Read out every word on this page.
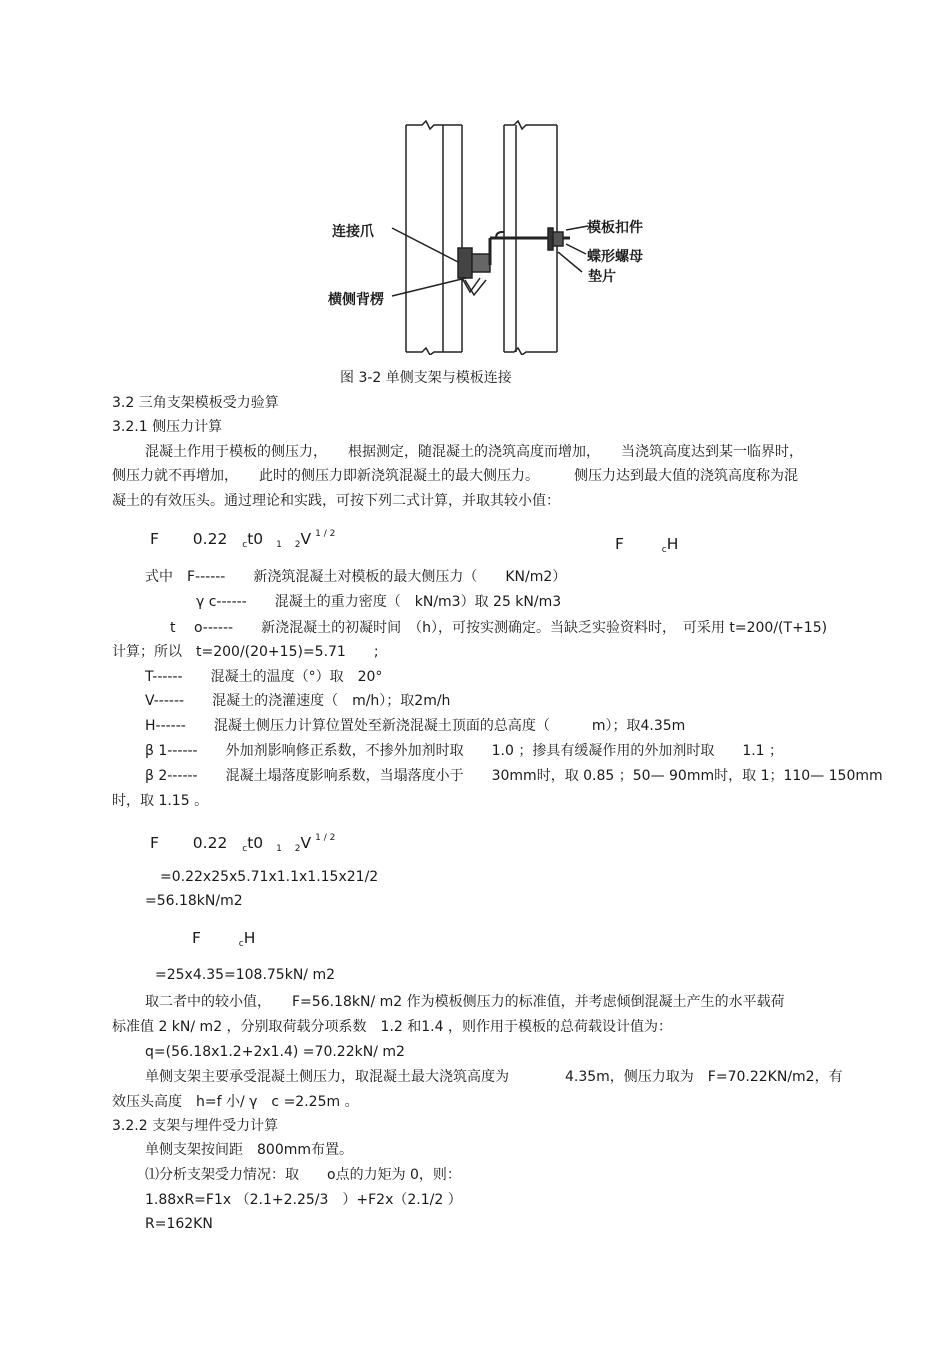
连接爪
横侧背楞
模板扣件
蝶形螺母
垫片
图 3-2 单侧支架与模板连接
3.2 三角支架模板受力验算
3.2.1 侧压力计算
混凝土作用于模板的侧压力，　　根据测定，随混凝土的浇筑高度而增加，　　当浇筑高度达到某一临界时，
侧压力就不再增加，　　此时的侧压力即新浇筑混凝土的最大侧压力。　　　侧压力达到最大值的浇筑高度称为混
凝土的有效压头。通过理论和实践，可按下列二式计算，并取其较小值：
F 0.22 $_c$t0 $_1$ $_2$V $^{1 / 2}$
F	$_c$H
式中　F------　　新浇筑混凝土对模板的最大侧压力（　　KN/m2）
γ c------　　混凝土的重力密度（　kN/m3）取 25 kN/m3
t　 o------　　新浇混凝土的初凝时间　（h），可按实测确定。当缺乏实验资料时，　可采用 t=200/(T+15)
计算；所以　t=200/(20+15)=5.71　　;
T------　　混凝土的温度（°）取　20°
V------　　混凝土的浇灌速度（　m/h）；取2m/h
H------　　混凝土侧压力计算位置处至新浇混凝土顶面的总高度（　　　m）；取4.35m
β 1------　　外加剂影响修正系数，不掺外加剂时取　　1.0 ；掺具有缓凝作用的外加剂时取　　1.1 ；
β 2------　　混凝土塌落度影响系数，当塌落度小于　　30mm时，取 0.85 ；50— 90mm时，取 1；110— 150mm
时，取 1.15 。
F 0.22 $_c$t0 $_1$ $_2$V $^{1 / 2}$
=0.22x25x5.71x1.1x1.15x21/2
=56.18kN/m2
F	$_c$H
=25x4.35=108.75kN/ m2
取二者中的较小值，　　F=56.18kN/ m2 作为模板侧压力的标准值，并考虑倾倒混凝土产生的水平载荷
标准值 2 kN/ m2 ，分别取荷载分项系数　1.2 和1.4 ，则作用于模板的总荷载设计值为：
q=(56.18x1.2+2x1.4) =70.22kN/ m2
单侧支架主要承受混凝土侧压力，取混凝土最大浇筑高度为　　　　4.35m，侧压力取为　F=70.22KN/m2，有
效压头高度　h=f 小/ γ　c =2.25m 。
3.2.2 支架与埋件受力计算
单侧支架按间距　800mm布置。
⑴分析支架受力情况：取　　o点的力矩为 0，则：
1.88xR=F1x （2.1+2.25/3　）+F2x（2.1/2 ）
R=162KN
